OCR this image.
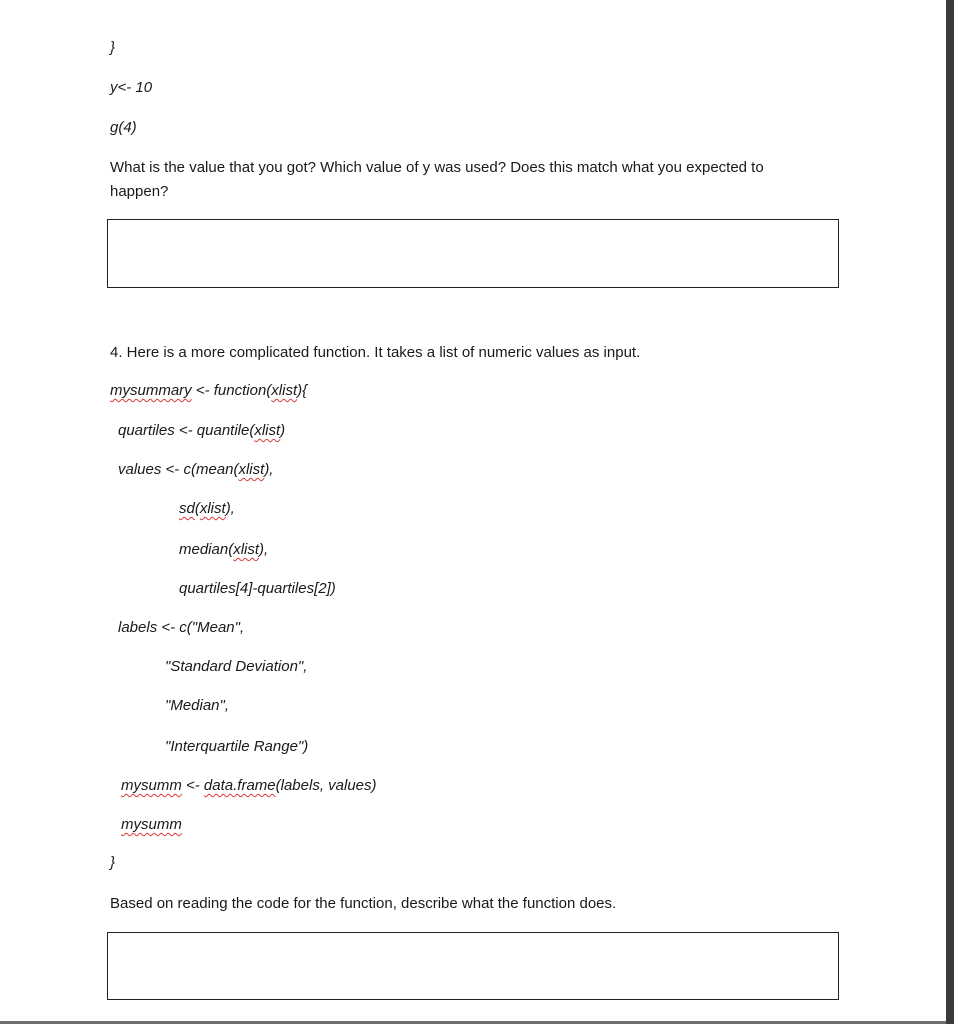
}
y<- 10
g(4)
What is the value that you got? Which value of y was used? Does this match what you expected to happen?
4. Here is a more complicated function. It takes a list of numeric values as input.
mysummary <- function(xlist){
quartiles <- quantile(xlist)
values <- c(mean(xlist),
sd(xlist),
median(xlist),
quartiles[4]-quartiles[2])
labels <- c("Mean",
"Standard Deviation",
"Median",
"Interquartile Range")
mysumm <- data.frame(labels, values)
mysumm
}
Based on reading the code for the function, describe what the function does.
